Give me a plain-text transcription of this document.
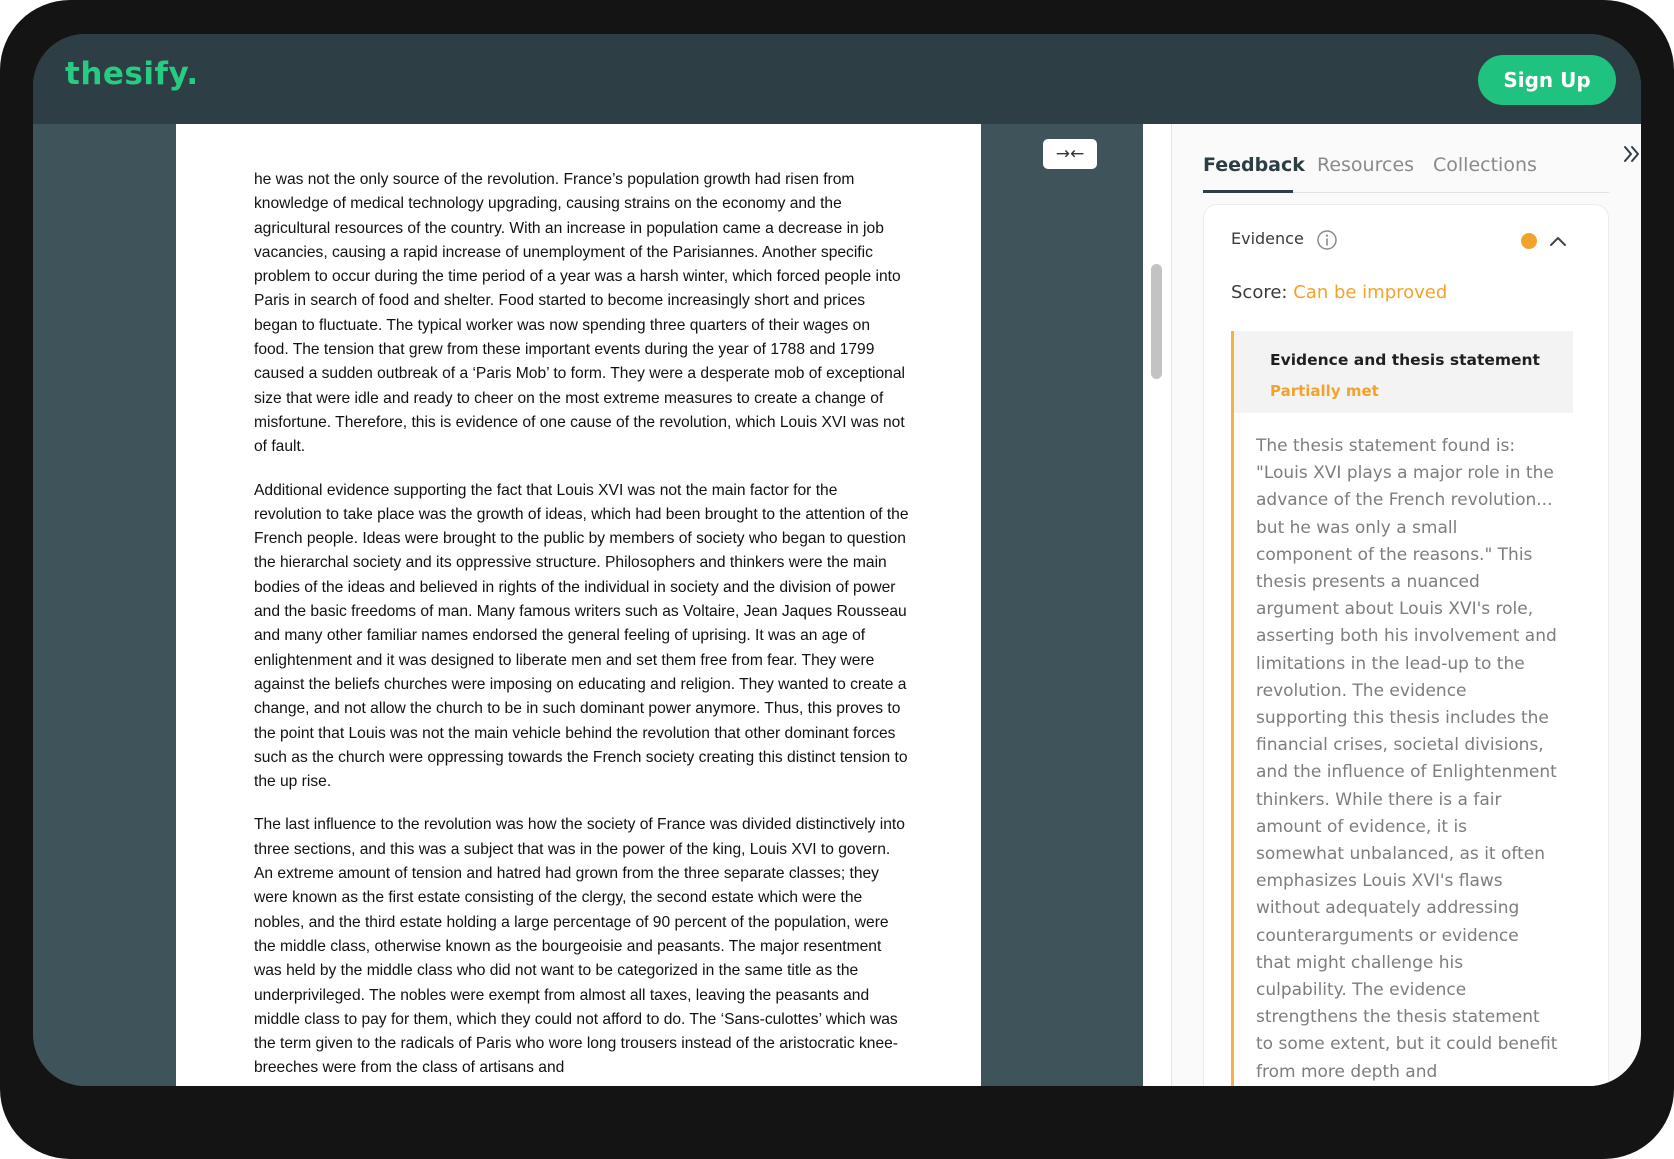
thesify.	Sign Up

he was not the only source of the revolution. France’s population growth had risen from knowledge of medical technology upgrading, causing strains on the economy and the agricultural resources of the country. With an increase in population came a decrease in job vacancies, causing a rapid increase of unemployment of the Parisiannes. Another specific problem to occur during the time period of a year was a harsh winter, which forced people into Paris in search of food and shelter. Food started to become increasingly short and prices began to fluctuate. The typical worker was now spending three quarters of their wages on food. The tension that grew from these important events during the year of 1788 and 1799 caused a sudden outbreak of a ‘Paris Mob’ to form. They were a desperate mob of exceptional size that were idle and ready to cheer on the most extreme measures to create a change of misfortune. Therefore, this is evidence of one cause of the revolution, which Louis XVI was not of fault.

Additional evidence supporting the fact that Louis XVI was not the main factor for the revolution to take place was the growth of ideas, which had been brought to the attention of the French people. Ideas were brought to the public by members of society who began to question the hierarchal society and its oppressive structure. Philosophers and thinkers were the main bodies of the ideas and believed in rights of the individual in society and the division of power and the basic freedoms of man. Many famous writers such as Voltaire, Jean Jaques Rousseau and many other familiar names endorsed the general feeling of uprising. It was an age of enlightenment and it was designed to liberate men and set them free from fear. They were against the beliefs churches were imposing on educating and religion. They wanted to create a change, and not allow the church to be in such dominant power anymore. Thus, this proves to the point that Louis was not the main vehicle behind the revolution that other dominant forces such as the church were oppressing towards the French society creating this distinct tension to the up rise.

The last influence to the revolution was how the society of France was divided distinctively into three sections, and this was a subject that was in the power of the king, Louis XVI to govern. An extreme amount of tension and hatred had grown from the three separate classes; they were known as the first estate consisting of the clergy, the second estate which were the nobles, and the third estate holding a large percentage of 90 percent of the population, were the middle class, otherwise known as the bourgeoisie and peasants. The major resentment was held by the middle class who did not want to be categorized in the same title as the underprivileged. The nobles were exempt from almost all taxes, leaving the peasants and middle class to pay for them, which they could not afford to do. The ‘Sans-culottes’ which was the term given to the radicals of Paris who wore long trousers instead of the aristocratic knee-breeches were from the class of artisans and

→←	Feedback Resources Collections
Evidence
Score: Can be improved
Evidence and thesis statement
Partially met
The thesis statement found is: "Louis XVI plays a major role in the advance of the French revolution... but he was only a small component of the reasons." This thesis presents a nuanced argument about Louis XVI's role, asserting both his involvement and limitations in the lead-up to the revolution. The evidence supporting this thesis includes the financial crises, societal divisions, and the influence of Enlightenment thinkers. While there is a fair amount of evidence, it is somewhat unbalanced, as it often emphasizes Louis XVI's flaws without adequately addressing counterarguments or evidence that might challenge his culpability. The evidence strengthens the thesis statement to some extent, but it could benefit from more depth and
